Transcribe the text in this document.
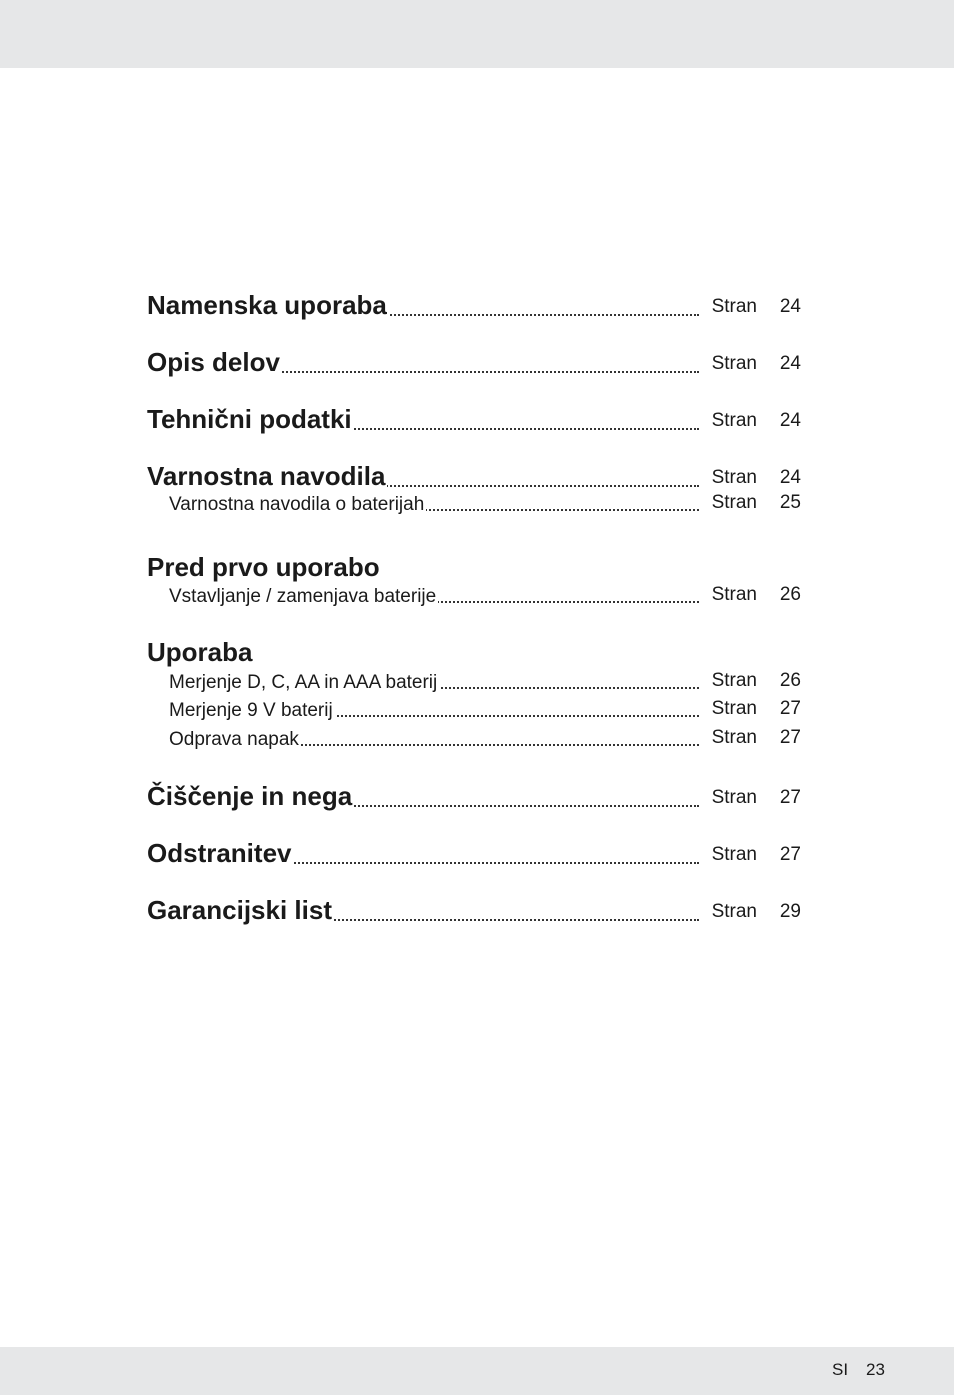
Namenska uporaba	Stran 24
Opis delov	Stran 24
Tehnični podatki	Stran 24
Varnostna navodila	Stran 24
Varnostna navodila o baterijah	Stran 25
Pred prvo uporabo
Vstavljanje / zamenjava baterije	Stran 26
Uporaba
Merjenje D, C, AA in AAA baterij	Stran 26
Merjenje 9 V baterij	Stran 27
Odprava napak	Stran 27
Čiščenje in nega	Stran 27
Odstranitev	Stran 27
Garancijski list	Stran 29
SI 23
